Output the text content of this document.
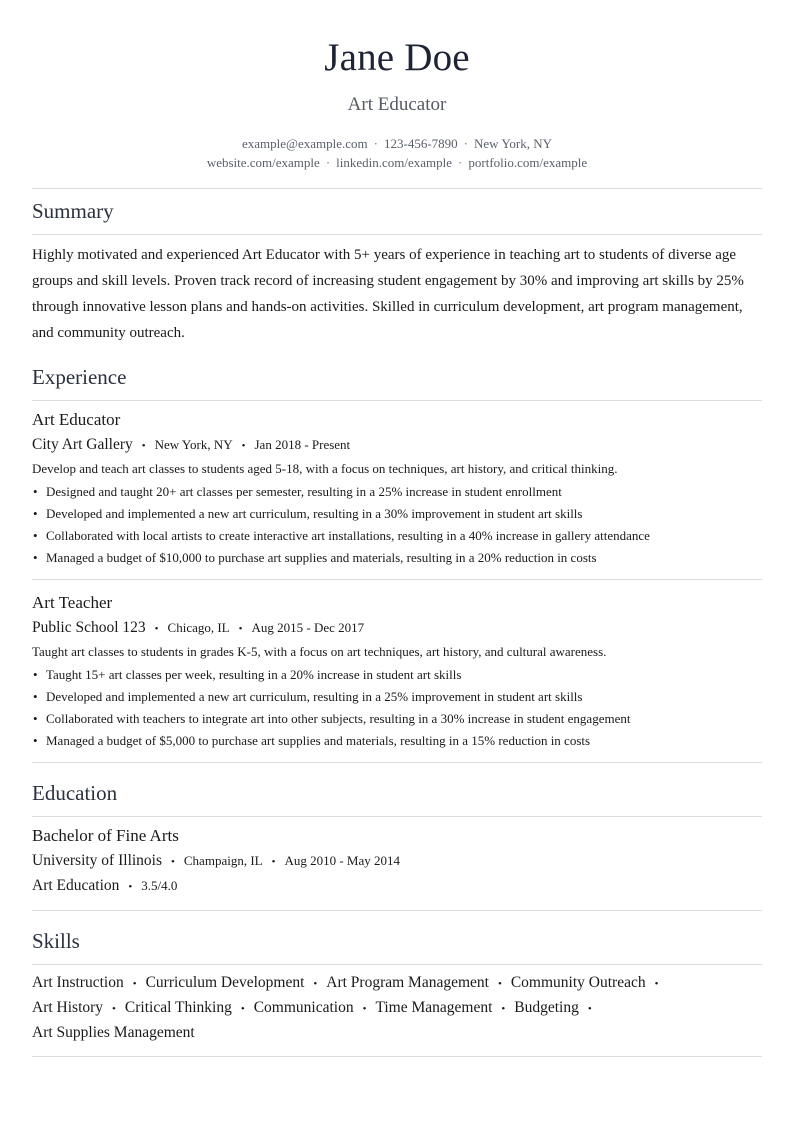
Jane Doe
Art Educator
example@example.com · 123-456-7890 · New York, NY
website.com/example · linkedin.com/example · portfolio.com/example
Summary
Highly motivated and experienced Art Educator with 5+ years of experience in teaching art to students of diverse age groups and skill levels. Proven track record of increasing student engagement by 30% and improving art skills by 25% through innovative lesson plans and hands-on activities. Skilled in curriculum development, art program management, and community outreach.
Experience
Art Educator
City Art Gallery • New York, NY • Jan 2018 - Present
Develop and teach art classes to students aged 5-18, with a focus on techniques, art history, and critical thinking.
• Designed and taught 20+ art classes per semester, resulting in a 25% increase in student enrollment
• Developed and implemented a new art curriculum, resulting in a 30% improvement in student art skills
• Collaborated with local artists to create interactive art installations, resulting in a 40% increase in gallery attendance
• Managed a budget of $10,000 to purchase art supplies and materials, resulting in a 20% reduction in costs
Art Teacher
Public School 123 • Chicago, IL • Aug 2015 - Dec 2017
Taught art classes to students in grades K-5, with a focus on art techniques, art history, and cultural awareness.
• Taught 15+ art classes per week, resulting in a 20% increase in student art skills
• Developed and implemented a new art curriculum, resulting in a 25% improvement in student art skills
• Collaborated with teachers to integrate art into other subjects, resulting in a 30% increase in student engagement
• Managed a budget of $5,000 to purchase art supplies and materials, resulting in a 15% reduction in costs
Education
Bachelor of Fine Arts
University of Illinois • Champaign, IL • Aug 2010 - May 2014
Art Education • 3.5/4.0
Skills
Art Instruction • Curriculum Development • Art Program Management • Community Outreach •
Art History • Critical Thinking • Communication • Time Management • Budgeting •
Art Supplies Management
